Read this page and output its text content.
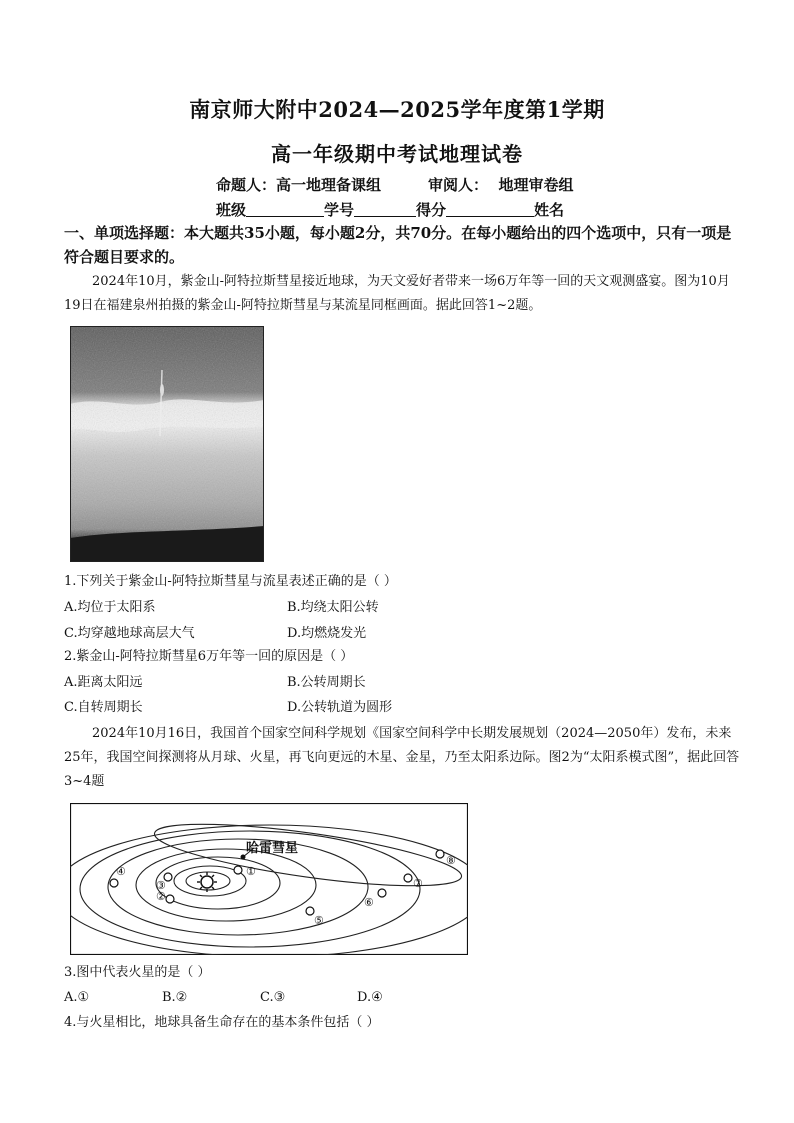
南京师大附中2024—2025学年度第1学期
高一年级期中考试地理试卷
命题人：高一地理备课组	审阅人：  地理审卷组
班级	学号	得分	姓名
一、单项选择题：本大题共35小题，每小题2分，共70分。在每小题给出的四个选项中，只有一项是符合题目要求的。
2024年10月，紫金山-阿特拉斯彗星接近地球，为天文爱好者带来一场6万年等一回的天文观测盛宴。图为10月19日在福建泉州拍摄的紫金山-阿特拉斯彗星与某流星同框画面。据此回答1~2题。
1.下列关于紫金山-阿特拉斯彗星与流星表述正确的是（ ）
A.均位于太阳系	B.均绕太阳公转
C.均穿越地球高层大气	D.均燃烧发光
2.紫金山-阿特拉斯彗星6万年等一回的原因是（ ）
A.距离太阳远	B.公转周期长
C.自转周期长	D.公转轨道为圆形
2024年10月16日，我国首个国家空间科学规划《国家空间科学中长期发展规划（2024—2050年）发布，未来25年，我国空间探测将从月球、火星，再飞向更远的木星、金星，乃至太阳系边际。图2为“太阳系模式图”，据此回答3~4题
哈雷彗星
①
②
③
④
⑤
⑥
⑦
⑧
3.图中代表火星的是（ ）
A.①	B.②	C.③	D.④
4.与火星相比，地球具备生命存在的基本条件包括（ ）
